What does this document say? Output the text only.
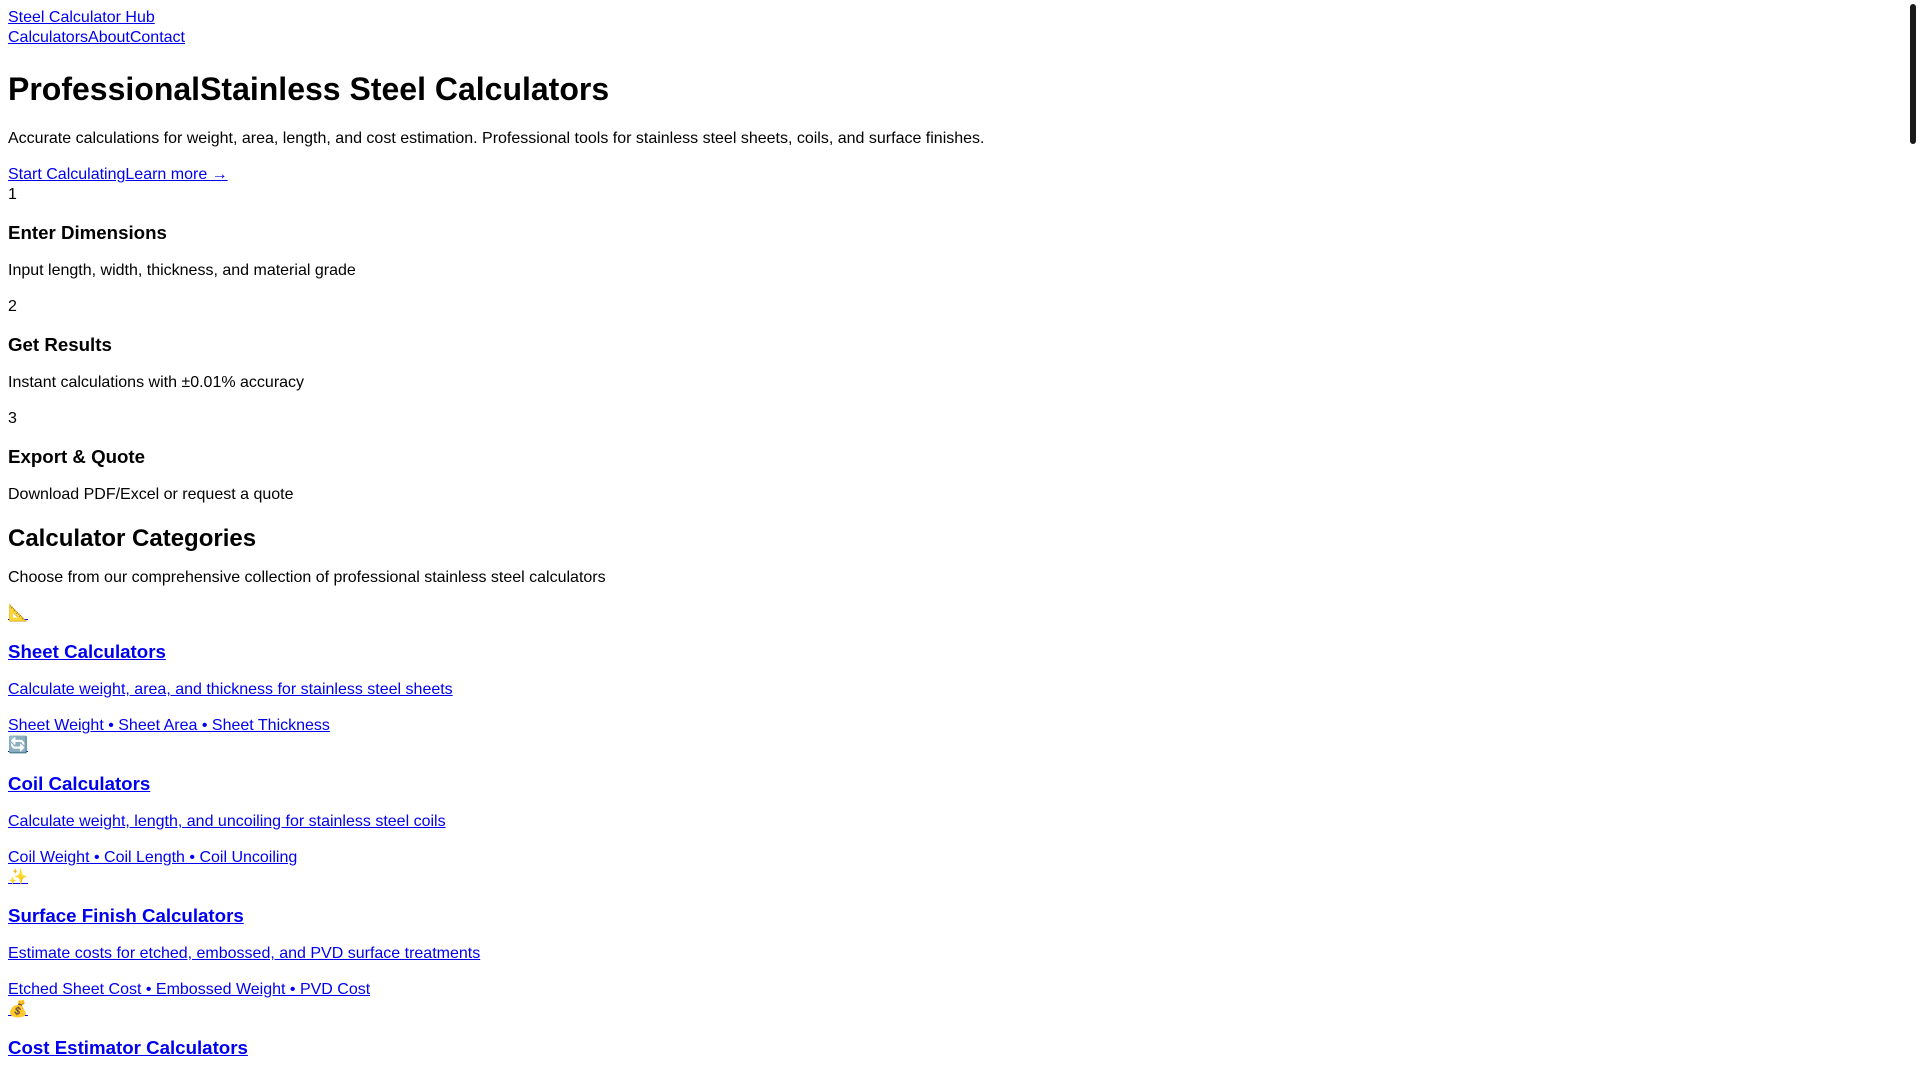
Steel Calculator Hub
CalculatorsAboutContact
ProfessionalStainless Steel Calculators

Accurate calculations for weight, area, length, and cost estimation. Professional tools for stainless steel sheets, coils, and surface finishes.

Start CalculatingLearn more →
1
Enter Dimensions

Input length, width, thickness, and material grade

2
Get Results

Instant calculations with ±0.01% accuracy

3
Export & Quote

Download PDF/Excel or request a quote

Calculator Categories

Choose from our comprehensive collection of professional stainless steel calculators

📐
Sheet Calculators

Calculate weight, area, and thickness for stainless steel sheets

Sheet Weight • Sheet Area • Sheet Thickness

🔄
Coil Calculators

Calculate weight, length, and uncoiling for stainless steel coils

Coil Weight • Coil Length • Coil Uncoiling

✨
Surface Finish Calculators

Estimate costs for etched, embossed, and PVD surface treatments

Etched Sheet Cost • Embossed Weight • PVD Cost

💰
Cost Estimator Calculators
